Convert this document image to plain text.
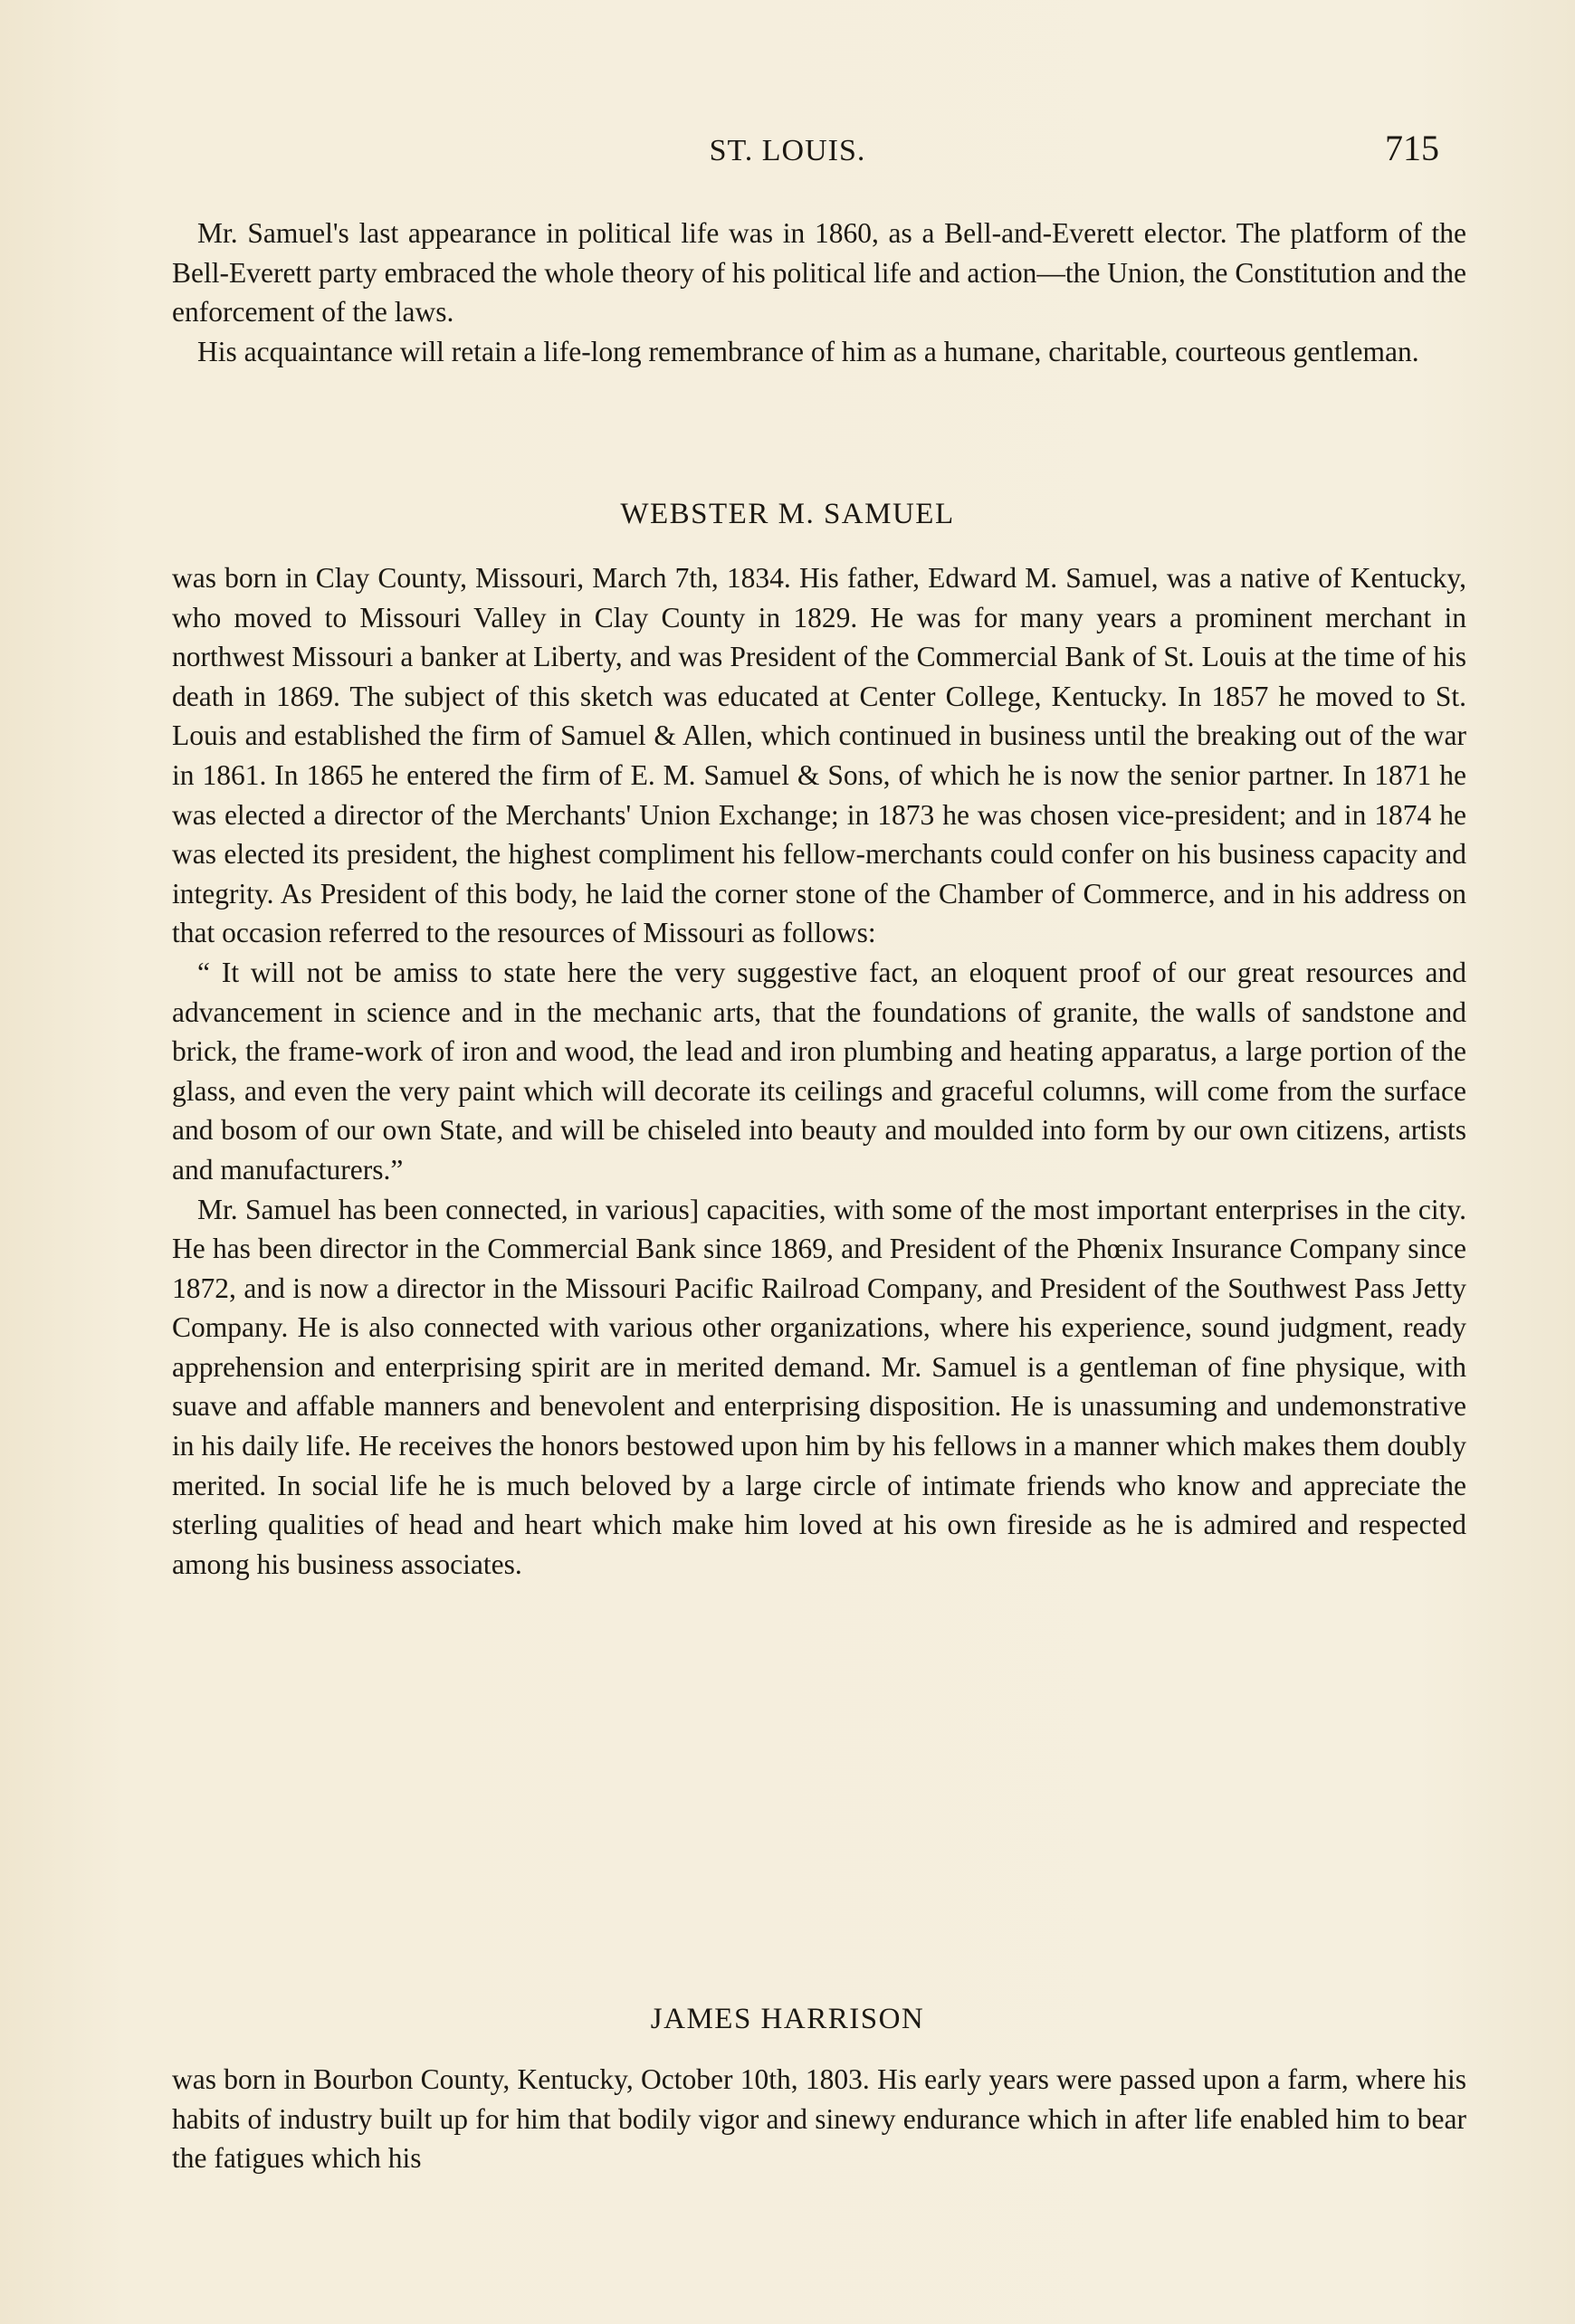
ST. LOUIS.	715

Mr. Samuel's last appearance in political life was in 1860, as a Bell-and-Everett elector. The platform of the Bell-Everett party embraced the whole theory of his political life and action—the Union, the Constitution and the enforcement of the laws.

His acquaintance will retain a life-long remembrance of him as a humane, charitable, courteous gentleman.

WEBSTER M. SAMUEL

was born in Clay County, Missouri, March 7th, 1834. His father, Edward M. Samuel, was a native of Kentucky, who moved to Missouri Valley in Clay County in 1829. He was for many years a prominent merchant in northwest Missouri a banker at Liberty, and was President of the Commercial Bank of St. Louis at the time of his death in 1869. The subject of this sketch was educated at Center College, Kentucky. In 1857 he moved to St. Louis and established the firm of Samuel & Allen, which continued in business until the breaking out of the war in 1861. In 1865 he entered the firm of E. M. Samuel & Sons, of which he is now the senior partner. In 1871 he was elected a director of the Merchants' Union Exchange; in 1873 he was chosen vice-president; and in 1874 he was elected its president, the highest compliment his fellow-merchants could confer on his business capacity and integrity. As President of this body, he laid the corner stone of the Chamber of Commerce, and in his address on that occasion referred to the resources of Missouri as follows:

“ It will not be amiss to state here the very suggestive fact, an eloquent proof of our great resources and advancement in science and in the mechanic arts, that the foundations of granite, the walls of sandstone and brick, the frame-work of iron and wood, the lead and iron plumbing and heating apparatus, a large portion of the glass, and even the very paint which will decorate its ceilings and graceful columns, will come from the surface and bosom of our own State, and will be chiseled into beauty and moulded into form by our own citizens, artists and manufacturers.”

Mr. Samuel has been connected, in various] capacities, with some of the most important enterprises in the city. He has been director in the Commercial Bank since 1869, and President of the Phœnix Insurance Company since 1872, and is now a director in the Missouri Pacific Railroad Company, and President of the Southwest Pass Jetty Company. He is also connected with various other organizations, where his experience, sound judgment, ready apprehension and enterprising spirit are in merited demand. Mr. Samuel is a gentleman of fine physique, with suave and affable manners and benevolent and enterprising disposition. He is unassuming and undemonstrative in his daily life. He receives the honors bestowed upon him by his fellows in a manner which makes them doubly merited. In social life he is much beloved by a large circle of intimate friends who know and appreciate the sterling qualities of head and heart which make him loved at his own fireside as he is admired and respected among his business associates.

JAMES HARRISON

was born in Bourbon County, Kentucky, October 10th, 1803. His early years were passed upon a farm, where his habits of industry built up for him that bodily vigor and sinewy endurance which in after life enabled him to bear the fatigues which his
